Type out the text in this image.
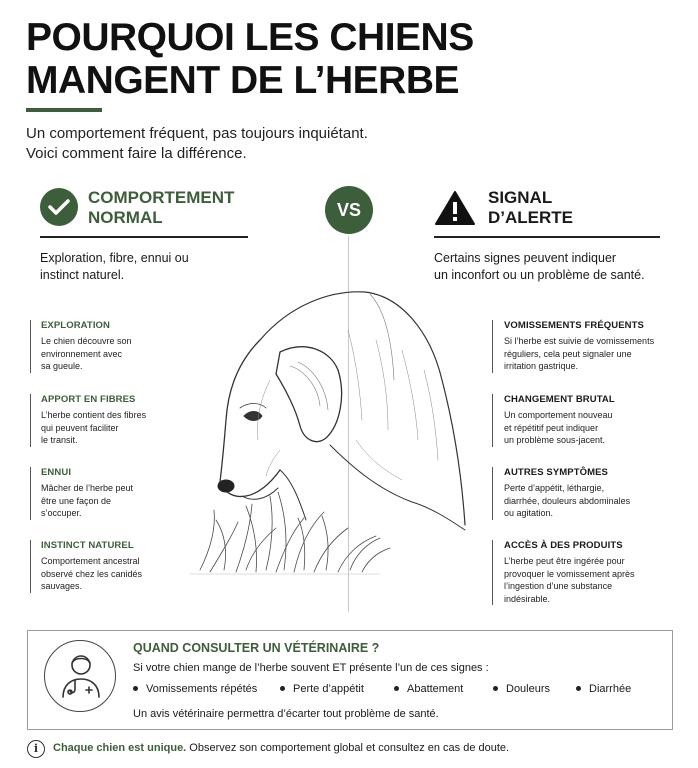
POURQUOI LES CHIENS
MANGENT DE L’HERBE
Un comportement fréquent, pas toujours inquiétant.
Voici comment faire la différence.
COMPORTEMENT
NORMAL	VS
SIGNAL
D’ALERTE
Exploration, fibre, ennui ou
instinct naturel.
Certains signes peuvent indiquer
un inconfort ou un problème de santé.
EXPLORATION
Le chien découvre son
environnement avec
sa gueule.
APPORT EN FIBRES
L’herbe contient des fibres
qui peuvent faciliter
le transit.
ENNUI
Mâcher de l’herbe peut
être une façon de
s’occuper.
INSTINCT NATUREL
Comportement ancestral
observé chez les canidés
sauvages.
VOMISSEMENTS FRÉQUENTS
Si l’herbe est suivie de vomissements
réguliers, cela peut signaler une
irritation gastrique.
CHANGEMENT BRUTAL
Un comportement nouveau
et répétitif peut indiquer
un problème sous-jacent.
AUTRES SYMPTÔMES
Perte d’appétit, léthargie,
diarrhée, douleurs abdominales
ou agitation.
ACCÈS À DES PRODUITS
L’herbe peut être ingérée pour
provoquer le vomissement après
l’ingestion d’une substance
indésirable.
QUAND CONSULTER UN VÉTÉRINAIRE ?
Si votre chien mange de l’herbe souvent ET présente l’un de ces signes :
Vomissements répétés	Perte d’appétit	Abattement	Douleurs	Diarrhée
Un avis vétérinaire permettra d’écarter tout problème de santé.
i	Chaque chien est unique. Observez son comportement global et consultez en cas de doute.
